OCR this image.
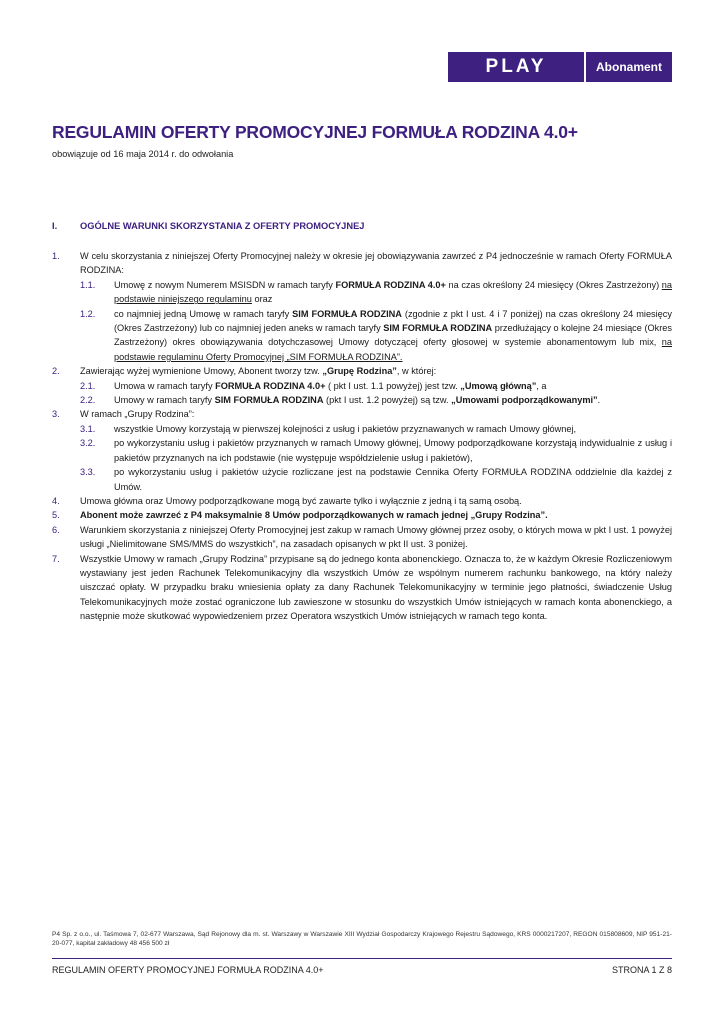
PLAY	Abonament
REGULAMIN OFERTY PROMOCYJNEJ FORMUŁA RODZINA 4.0+
obowiązuje od 16 maja 2014 r. do odwołania
I.	OGÓLNE WARUNKI SKORZYSTANIA Z OFERTY PROMOCYJNEJ
1.	W celu skorzystania z niniejszej Oferty Promocyjnej należy w okresie jej obowiązywania zawrzeć z P4 jednocześnie w ramach Oferty FORMUŁA RODZINA:
1.1.	Umowę z nowym Numerem MSISDN w ramach taryfy FORMUŁA RODZINA 4.0+ na czas określony 24 miesięcy (Okres Zastrzeżony) na podstawie niniejszego regulaminu oraz
1.2.	co najmniej jedną Umowę w ramach taryfy SIM FORMUŁA RODZINA (zgodnie z pkt I ust. 4 i 7 poniżej) na czas określony 24 miesięcy (Okres Zastrzeżony) lub co najmniej jeden aneks w ramach taryfy SIM FORMUŁA RODZINA przedłużający o kolejne 24 miesiące (Okres Zastrzeżony) okres obowiązywania dotychczasowej Umowy dotyczącej oferty głosowej w systemie abonamentowym lub mix, na podstawie regulaminu Oferty Promocyjnej „SIM FORMUŁA RODZINA”.
2.	Zawierając wyżej wymienione Umowy, Abonent tworzy tzw. „Grupę Rodzina”, w której:
2.1.	Umowa w ramach taryfy FORMUŁA RODZINA 4.0+ ( pkt I ust. 1.1 powyżej) jest tzw. „Umową główną”, a
2.2.	Umowy w ramach taryfy SIM FORMUŁA RODZINA (pkt I ust. 1.2 powyżej) są tzw. „Umowami podporządkowanymi”.
3.	W ramach „Grupy Rodzina”:
3.1.	wszystkie Umowy korzystają w pierwszej kolejności z usług i pakietów przyznawanych w ramach Umowy głównej,
3.2.	po wykorzystaniu usług i pakietów przyznanych w ramach Umowy głównej, Umowy podporządkowane korzystają indywidualnie z usług i pakietów przyznanych na ich podstawie (nie występuje współdzielenie usług i pakietów),
3.3.	po wykorzystaniu usług i pakietów użycie rozliczane jest na podstawie Cennika Oferty FORMUŁA RODZINA oddzielnie dla każdej z Umów.
4.	Umowa główna oraz Umowy podporządkowane mogą być zawarte tylko i wyłącznie z jedną i tą samą osobą.
5.	Abonent może zawrzeć z P4 maksymalnie 8 Umów podporządkowanych w ramach jednej „Grupy Rodzina”.
6.	Warunkiem skorzystania z niniejszej Oferty Promocyjnej jest zakup w ramach Umowy głównej przez osoby, o których mowa w pkt I ust. 1 powyżej usługi „Nielimitowane SMS/MMS do wszystkich”, na zasadach opisanych w pkt II ust. 3 poniżej.
7.	Wszystkie Umowy w ramach „Grupy Rodzina” przypisane są do jednego konta abonenckiego. Oznacza to, że w każdym Okresie Rozliczeniowym wystawiany jest jeden Rachunek Telekomunikacyjny dla wszystkich Umów ze wspólnym numerem rachunku bankowego, na który należy uiszczać opłaty. W przypadku braku wniesienia opłaty za dany Rachunek Telekomunikacyjny w terminie jego płatności, świadczenie Usług Telekomunikacyjnych może zostać ograniczone lub zawieszone w stosunku do wszystkich Umów istniejących w ramach konta abonenckiego, a następnie może skutkować wypowiedzeniem przez Operatora wszystkich Umów istniejących w ramach tego konta.
P4 Sp. z o.o., ul. Taśmowa 7, 02-677 Warszawa, Sąd Rejonowy dla m. st. Warszawy w Warszawie XIII Wydział Gospodarczy Krajowego Rejestru Sądowego, KRS 0000217207, REGON 015808609, NIP 951-21-20-077, kapitał zakładowy 48 456 500 zł
REGULAMIN OFERTY PROMOCYJNEJ FORMUŁA RODZINA 4.0+	STRONA 1 Z 8
